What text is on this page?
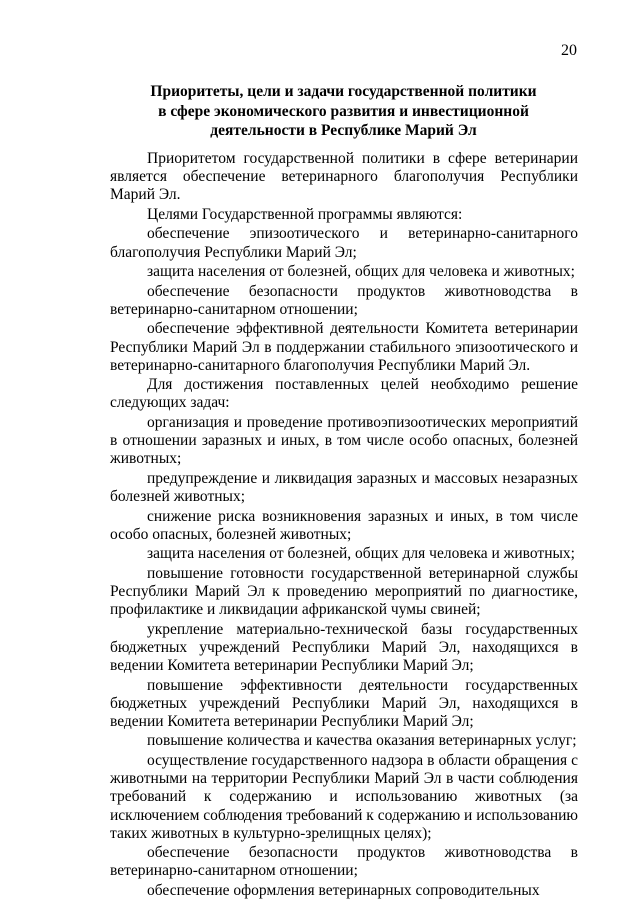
20
Приоритеты, цели и задачи государственной политики
в сфере экономического развития и инвестиционной
деятельности в Республике Марий Эл

Приоритетом государственной политики в сфере ветеринарии является обеспечение ветеринарного благополучия Республики Марий Эл.

Целями Государственной программы являются:

обеспечение эпизоотического и ветеринарно-санитарного благополучия Республики Марий Эл;

защита населения от болезней, общих для человека и животных;

обеспечение безопасности продуктов животноводства в ветеринарно-санитарном отношении;

обеспечение эффективной деятельности Комитета ветеринарии Республики Марий Эл в поддержании стабильного эпизоотического и ветеринарно-санитарного благополучия Республики Марий Эл.

Для достижения поставленных целей необходимо решение следующих задач:

организация и проведение противоэпизоотических мероприятий в отношении заразных и иных, в том числе особо опасных, болезней животных;

предупреждение и ликвидация заразных и массовых незаразных болезней животных;

снижение риска возникновения заразных и иных, в том числе особо опасных, болезней животных;

защита населения от болезней, общих для человека и животных;

повышение готовности государственной ветеринарной службы Республики Марий Эл к проведению мероприятий по диагностике, профилактике и ликвидации африканской чумы свиней;

укрепление материально-технической базы государственных бюджетных учреждений Республики Марий Эл, находящихся в ведении Комитета ветеринарии Республики Марий Эл;

повышение эффективности деятельности государственных бюджетных учреждений Республики Марий Эл, находящихся в ведении Комитета ветеринарии Республики Марий Эл;

повышение количества и качества оказания ветеринарных услуг;

осуществление государственного надзора в области обращения с животными на территории Республики Марий Эл в части соблюдения требований к содержанию и использованию животных (за исключением соблюдения требований к содержанию и использованию таких животных в культурно-зрелищных целях);

обеспечение безопасности продуктов животноводства в ветеринарно-санитарном отношении;

обеспечение оформления ветеринарных сопроводительных
